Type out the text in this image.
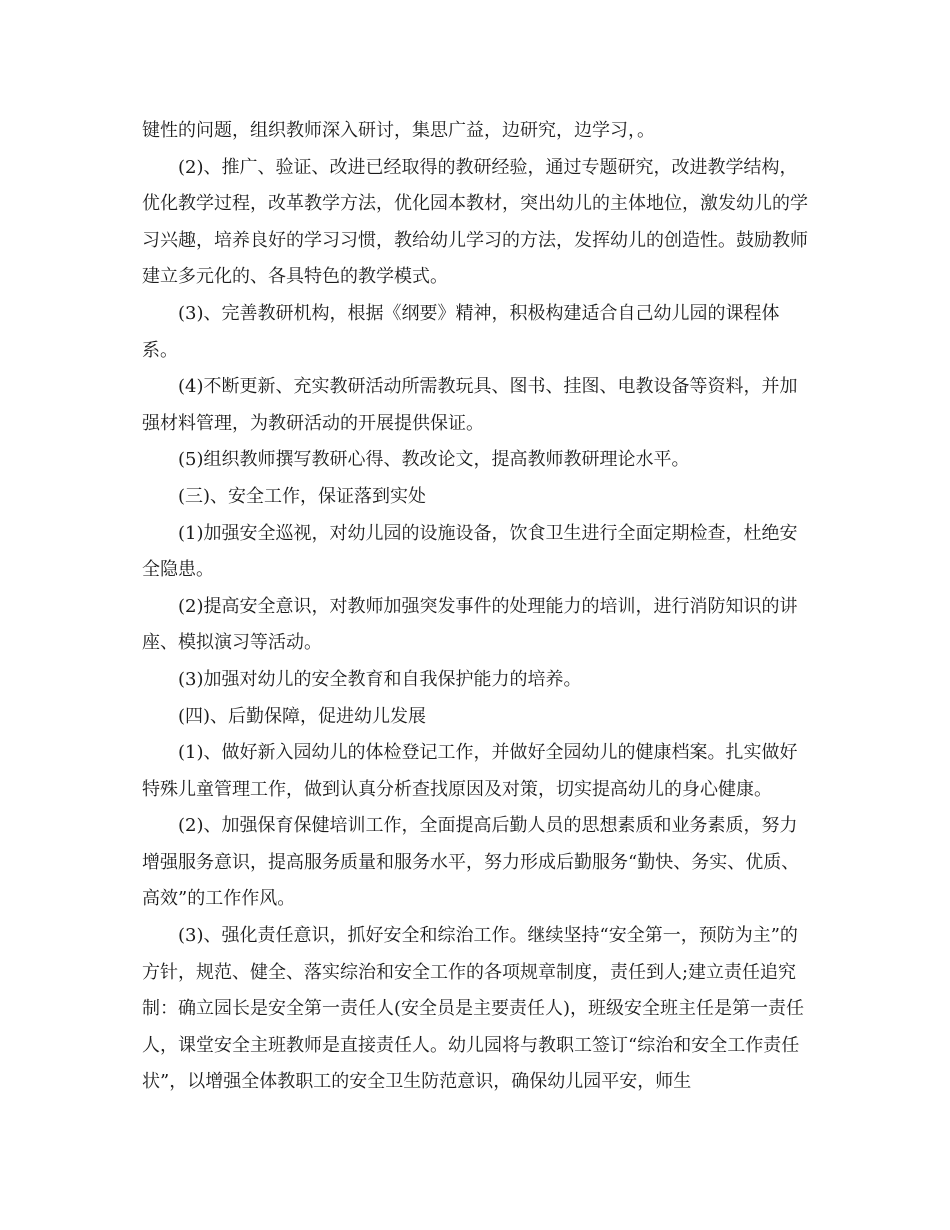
键性的问题，组织教师深入研讨，集思广益，边研究，边学习，。

(2)、推广、验证、改进已经取得的教研经验，通过专题研究，改进教学结构，优化教学过程，改革教学方法，优化园本教材，突出幼儿的主体地位，激发幼儿的学习兴趣，培养良好的学习习惯，教给幼儿学习的方法，发挥幼儿的创造性。鼓励教师建立多元化的、各具特色的教学模式。

(3)、完善教研机构，根据《纲要》精神，积极构建适合自己幼儿园的课程体系。

(4)不断更新、充实教研活动所需教玩具、图书、挂图、电教设备等资料，并加强材料管理，为教研活动的开展提供保证。

(5)组织教师撰写教研心得、教改论文，提高教师教研理论水平。

(三)、安全工作，保证落到实处

(1)加强安全巡视，对幼儿园的设施设备，饮食卫生进行全面定期检查，杜绝安全隐患。

(2)提高安全意识，对教师加强突发事件的处理能力的培训，进行消防知识的讲座、模拟演习等活动。

(3)加强对幼儿的安全教育和自我保护能力的培养。

(四)、后勤保障，促进幼儿发展

(1)、做好新入园幼儿的体检登记工作，并做好全园幼儿的健康档案。扎实做好特殊儿童管理工作，做到认真分析查找原因及对策，切实提高幼儿的身心健康。

(2)、加强保育保健培训工作，全面提高后勤人员的思想素质和业务素质，努力增强服务意识，提高服务质量和服务水平，努力形成后勤服务“勤快、务实、优质、高效”的工作作风。

(3)、强化责任意识，抓好安全和综治工作。继续坚持“安全第一，预防为主”的方针，规范、健全、落实综治和安全工作的各项规章制度，责任到人;建立责任追究制：确立园长是安全第一责任人(安全员是主要责任人)，班级安全班主任是第一责任人，课堂安全主班教师是直接责任人。幼儿园将与教职工签订“综治和安全工作责任状”，以增强全体教职工的安全卫生防范意识，确保幼儿园平安，师生
